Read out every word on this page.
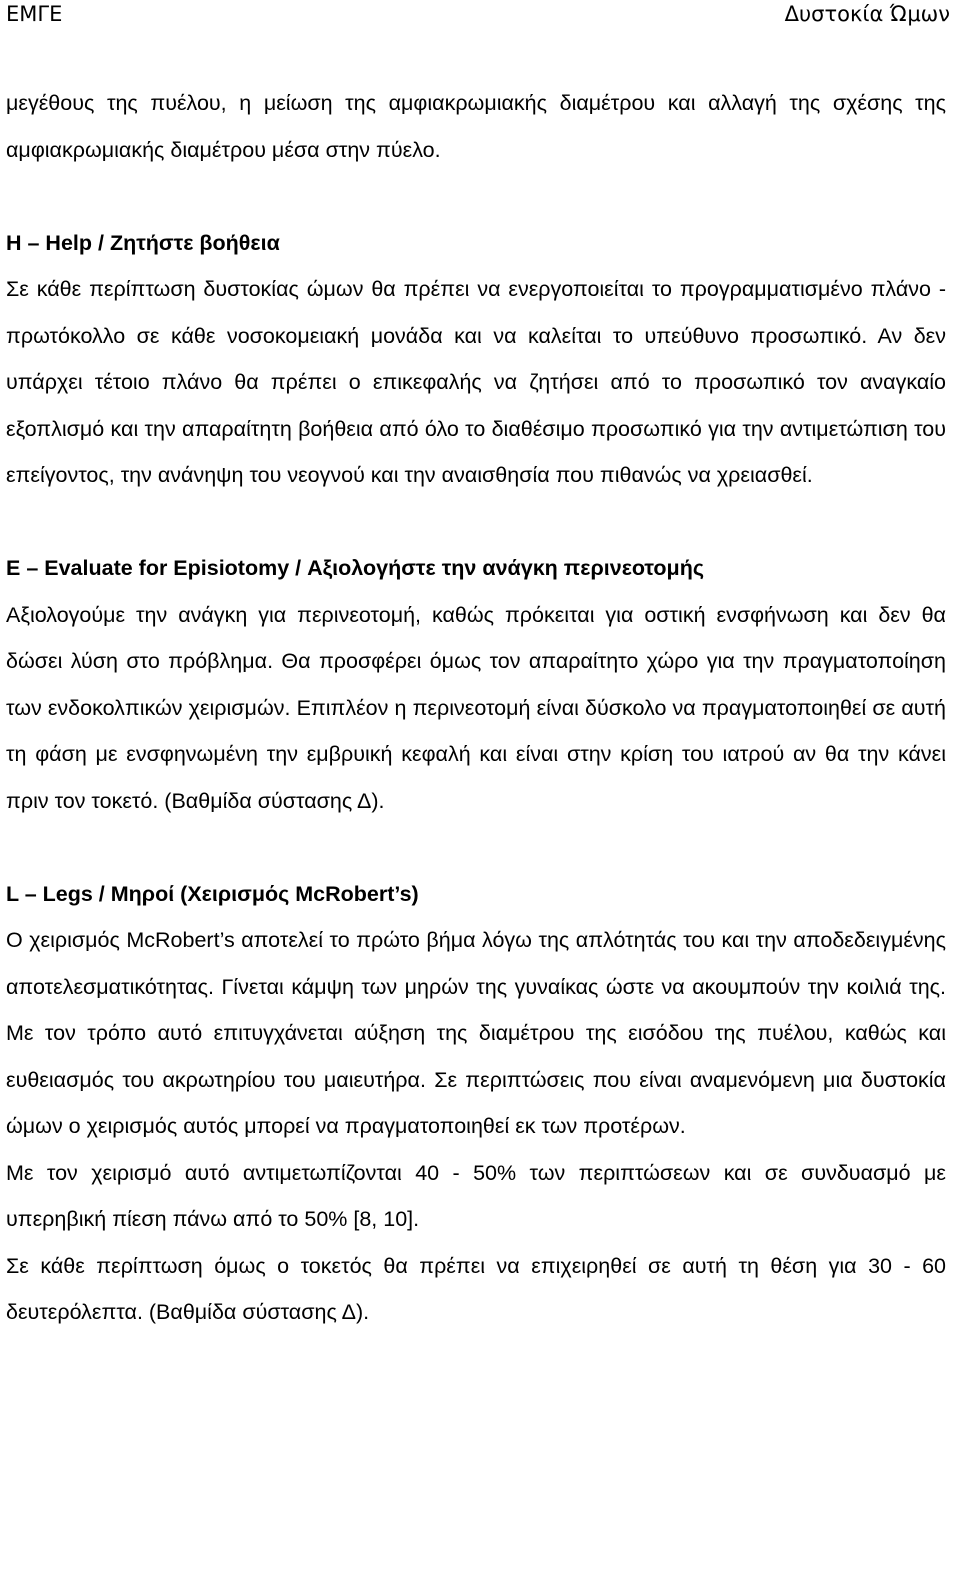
ΕΜΓΕ	Δυστοκία Ώμων

μεγέθους της πυέλου, η μείωση της αμφιακρωμιακής διαμέτρου και αλλαγή της σχέσης της αμφιακρωμιακής διαμέτρου μέσα στην πύελο.

H – Help / Ζητήστε βοήθεια

Σε κάθε περίπτωση δυστοκίας ώμων θα πρέπει να ενεργοποιείται το προγραμματισμένο πλάνο - πρωτόκολλο σε κάθε νοσοκομειακή μονάδα και να καλείται το υπεύθυνο προσωπικό. Αν δεν υπάρχει τέτοιο πλάνο θα πρέπει ο επικεφαλής να ζητήσει από το προσωπικό τον αναγκαίο εξοπλισμό και την απαραίτητη βοήθεια από όλο το διαθέσιμο προσωπικό για την αντιμετώπιση του επείγοντος, την ανάνηψη του νεογνού και την αναισθησία που πιθανώς να χρειασθεί.

E – Evaluate for Episiotomy / Αξιολογήστε την ανάγκη περινεοτομής

Αξιολογούμε την ανάγκη για περινεοτομή, καθώς πρόκειται για οστική ενσφήνωση και δεν θα δώσει λύση στο πρόβλημα. Θα προσφέρει όμως τον απαραίτητο χώρο για την πραγματοποίηση των ενδοκολπικών χειρισμών. Επιπλέον η περινεοτομή είναι δύσκολο να πραγματοποιηθεί σε αυτή τη φάση με ενσφηνωμένη την εμβρυική κεφαλή και είναι στην κρίση του ιατρού αν θα την κάνει πριν τον τοκετό. (Βαθμίδα σύστασης Δ).

L – Legs / Μηροί (Χειρισμός McRobert’s)

Ο χειρισμός McRobert’s αποτελεί το πρώτο βήμα λόγω της απλότητάς του και την αποδεδειγμένης αποτελεσματικότητας. Γίνεται κάμψη των μηρών της γυναίκας ώστε να ακουμπούν την κοιλιά της. Με τον τρόπο αυτό επιτυγχάνεται αύξηση της διαμέτρου της εισόδου της πυέλου, καθώς και ευθειασμός του ακρωτηρίου του μαιευτήρα. Σε περιπτώσεις που είναι αναμενόμενη μια δυστοκία ώμων ο χειρισμός αυτός μπορεί να πραγματοποιηθεί εκ των προτέρων.

Με τον χειρισμό αυτό αντιμετωπίζονται 40 - 50% των περιπτώσεων και σε συνδυασμό με υπερηβική πίεση πάνω από το 50% [8, 10].

Σε κάθε περίπτωση όμως ο τοκετός θα πρέπει να επιχειρηθεί σε αυτή τη θέση για 30 - 60 δευτερόλεπτα. (Βαθμίδα σύστασης Δ).
